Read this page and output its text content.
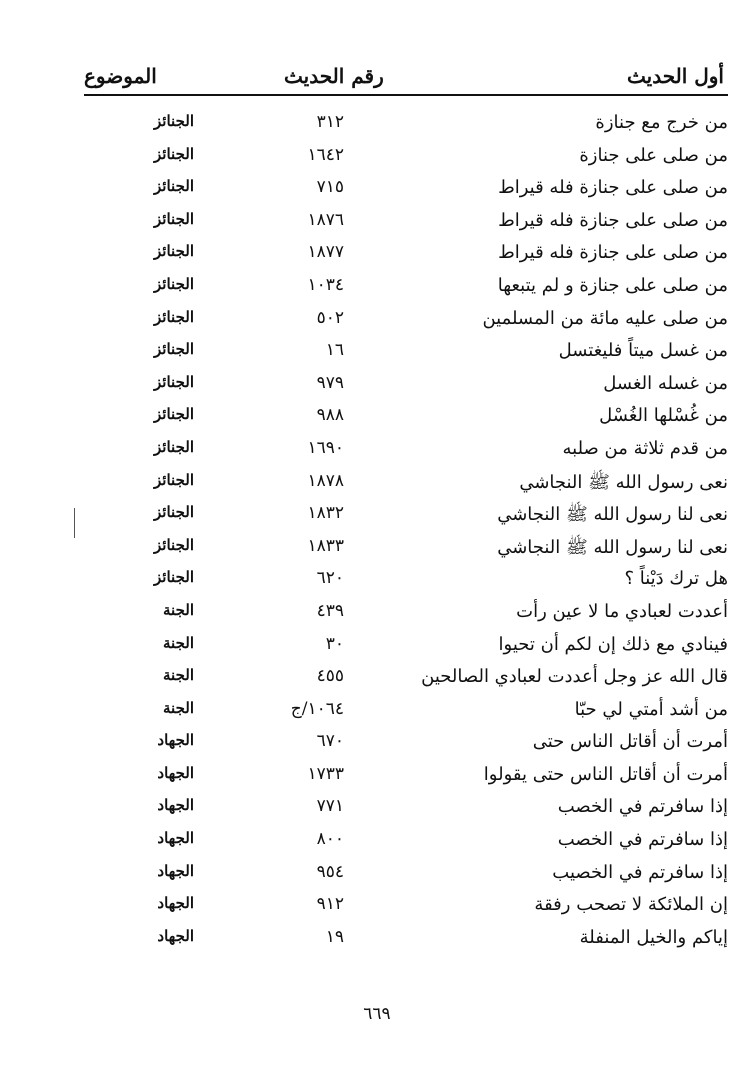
أول الحديث
رقم الحديث
الموضوع
من خرج مع جنازة
٣١٢
الجنائز
من صلى على جنازة
١٦٤٢
الجنائز
من صلى على جنازة فله قيراط
٧١٥
الجنائز
من صلى على جنازة فله قيراط
١٨٧٦
الجنائز
من صلى على جنازة فله قيراط
١٨٧٧
الجنائز
من صلى على جنازة و لم يتبعها
١٠٣٤
الجنائز
من صلى عليه مائة من المسلمين
٥٠٢
الجنائز
من غسل ميتاً فليغتسل
١٦
الجنائز
من غسله الغسل
٩٧٩
الجنائز
من غُسْلها الغُسْل
٩٨٨
الجنائز
من قدم ثلاثة من صلبه
١٦٩٠
الجنائز
نعى رسول الله ﷺ النجاشي
١٨٧٨
الجنائز
نعى لنا رسول الله ﷺ النجاشي
١٨٣٢
الجنائز
نعى لنا رسول الله ﷺ النجاشي
١٨٣٣
الجنائز
هل ترك دَيْناً ؟
٦٢٠
الجنائز
أعددت لعبادي ما لا عين رأت
٤٣٩
الجنة
فينادي مع ذلك إن لكم أن تحيوا
٣٠
الجنة
قال الله عز وجل أعددت لعبادي الصالحين
٤٥٥
الجنة
من أشد أمتي لي حبّا
١٠٦٤/ج
الجنة
أمرت أن أقاتل الناس حتى
٦٧٠
الجهاد
أمرت أن أقاتل الناس حتى يقولوا
١٧٣٣
الجهاد
إذا سافرتم في الخصب
٧٧١
الجهاد
إذا سافرتم في الخصب
٨٠٠
الجهاد
إذا سافرتم في الخصيب
٩٥٤
الجهاد
إن الملائكة لا تصحب رفقة
٩١٢
الجهاد
إياكم والخيل المنفلة
١٩
الجهاد
٦٦٩
